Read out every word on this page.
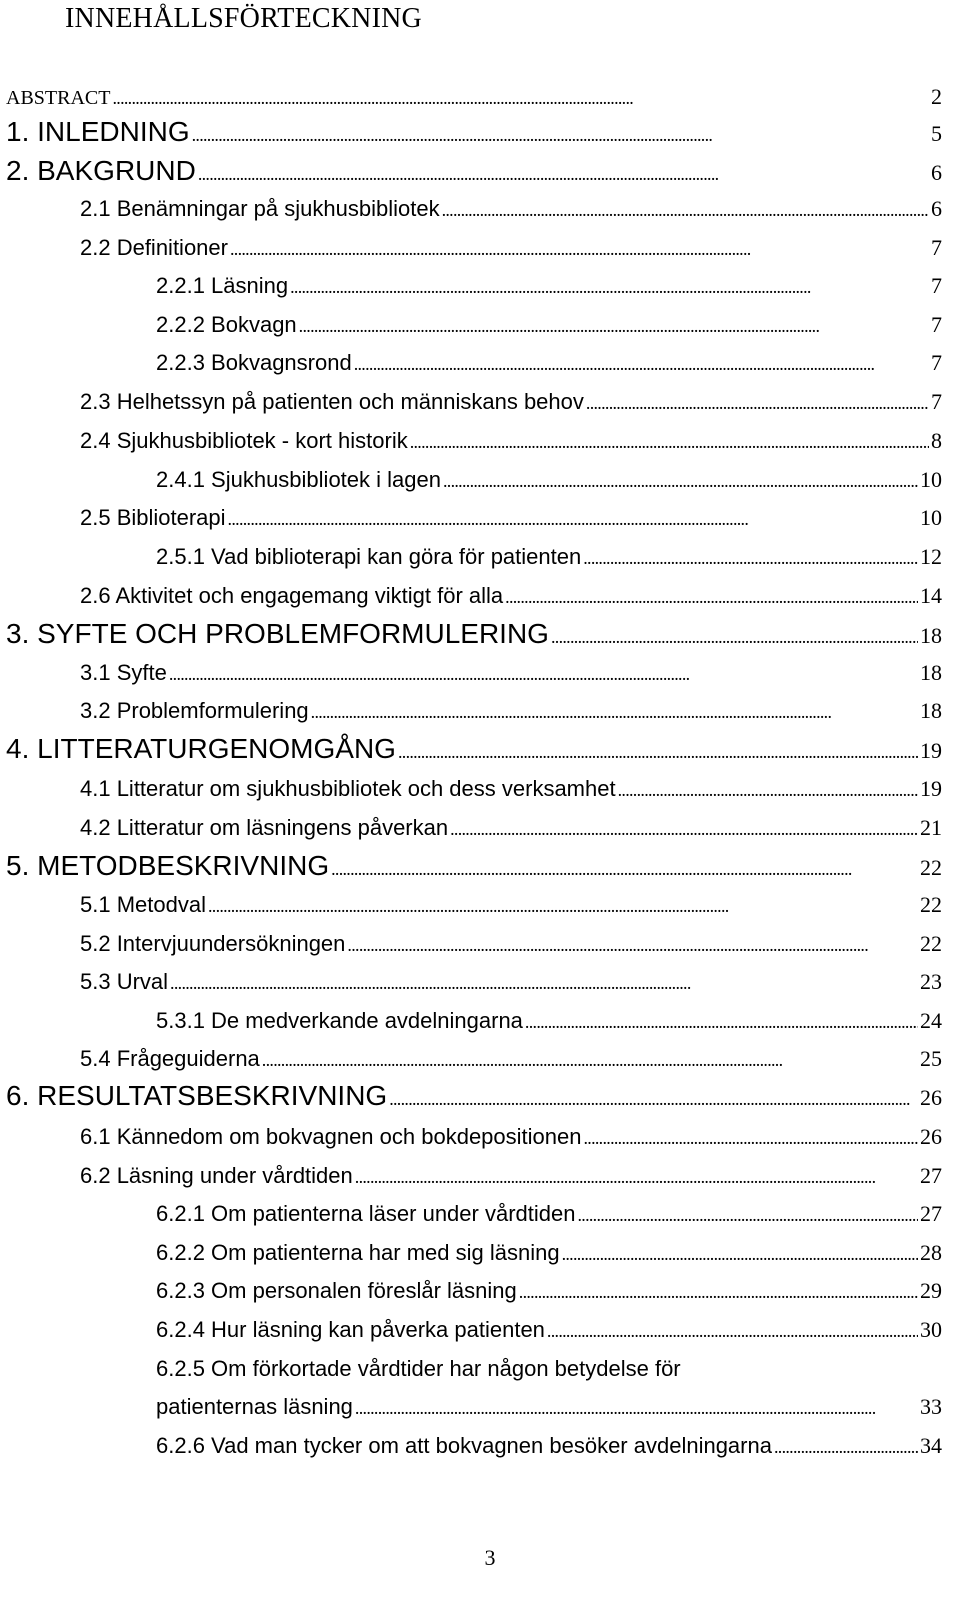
INNEHÅLLSFÖRTECKNING
ABSTRACT . . .	2
1. INLEDNING . . .	5
2. BAKGRUND . . .	6
2.1 Benämningar på sjukhusbibliotek . . .	6
2.2 Definitioner . . .	7
2.2.1 Läsning . . .	7
2.2.2 Bokvagn . . .	7
2.2.3 Bokvagnsrond . . .	7
2.3 Helhetssyn på patienten och människans behov . . .	7
2.4 Sjukhusbibliotek - kort historik . . .	8
2.4.1 Sjukhusbibliotek i lagen . . .	10
2.5 Biblioterapi . . .	10
2.5.1 Vad biblioterapi kan göra för patienten . . .	12
2.6 Aktivitet och engagemang viktigt för alla . . .	14
3. SYFTE OCH PROBLEMFORMULERING . . .	18
3.1 Syfte . . .	18
3.2 Problemformulering . . .	18
4. LITTERATURGENOMGÅNG . . .	19
4.1 Litteratur om sjukhusbibliotek och dess verksamhet . . .	19
4.2 Litteratur om läsningens påverkan . . .	21
5. METODBESKRIVNING . . .	22
5.1 Metodval . . .	22
5.2 Intervjuundersökningen . . .	22
5.3 Urval . . .	23
5.3.1 De medverkande avdelningarna . . .	24
5.4 Frågeguiderna . . .	25
6. RESULTATSBESKRIVNING . . .	26
6.1 Kännedom om bokvagnen och bokdepositionen . . .	26
6.2 Läsning under vårdtiden . . .	27
6.2.1 Om patienterna läser under vårdtiden . . .	27
6.2.2 Om patienterna har med sig läsning . . .	28
6.2.3 Om personalen föreslår läsning . . .	29
6.2.4 Hur läsning kan påverka patienten . . .	30
6.2.5 Om förkortade vårdtider har någon betydelse för
patienternas läsning . . .	33
6.2.6 Vad man tycker om att bokvagnen besöker avdelningarna . . .	34
3
